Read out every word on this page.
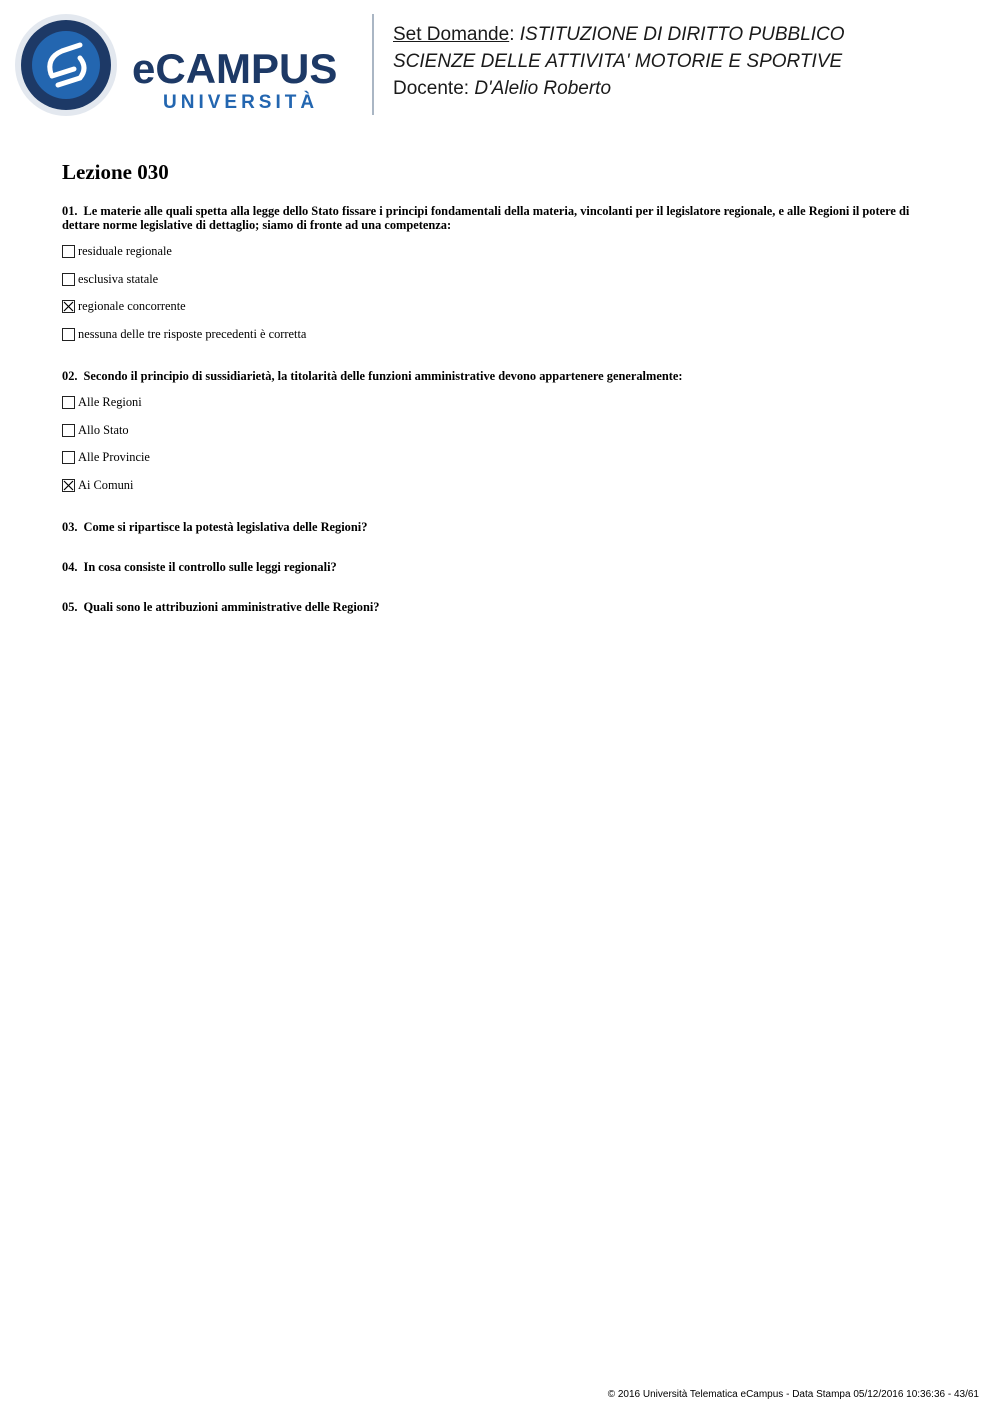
eCAMPUS
UNIVERSITÀ
Set Domande: ISTITUZIONE DI DIRITTO PUBBLICO
SCIENZE DELLE ATTIVITA' MOTORIE E SPORTIVE
Docente: D'Alelio Roberto
Lezione 030

01. Le materie alle quali spetta alla legge dello Stato fissare i principi fondamentali della materia, vincolanti per il legislatore regionale, e alle Regioni il potere di dettare norme legislative di dettaglio; siamo di fronte ad una competenza:

residuale regionale
esclusiva statale
regionale concorrente
nessuna delle tre risposte precedenti è corretta

02. Secondo il principio di sussidiarietà, la titolarità delle funzioni amministrative devono appartenere generalmente:

Alle Regioni
Allo Stato
Alle Provincie
Ai Comuni

03. Come si ripartisce la potestà legislativa delle Regioni?

04. In cosa consiste il controllo sulle leggi regionali?

05. Quali sono le attribuzioni amministrative delle Regioni?

© 2016 Università Telematica eCampus - Data Stampa 05/12/2016 10:36:36 - 43/61
